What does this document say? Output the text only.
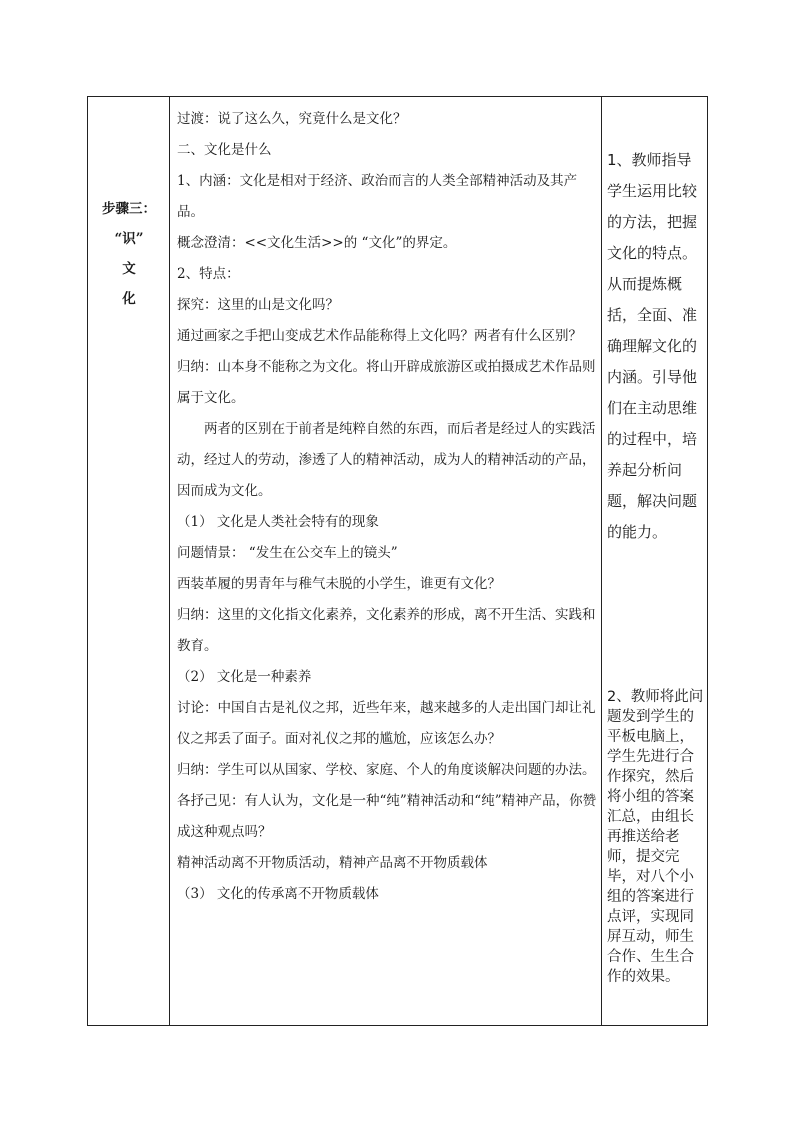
步骤三：
“识”
文
化

过渡：说了这么久，究竟什么是文化？

二、文化是什么

1、内涵：文化是相对于经济、政治而言的人类全部精神活动及其产品。

概念澄清：<<文化生活>>的 “文化”的界定。

2、特点：

探究：这里的山是文化吗？

通过画家之手把山变成艺术作品能称得上文化吗？两者有什么区别？

归纳：山本身不能称之为文化。将山开辟成旅游区或拍摄成艺术作品则属于文化。

两者的区别在于前者是纯粹自然的东西，而后者是经过人的实践活动，经过人的劳动，渗透了人的精神活动，成为人的精神活动的产品，因而成为文化。

（1） 文化是人类社会特有的现象

问题情景： “发生在公交车上的镜头”

西装革履的男青年与稚气未脱的小学生，谁更有文化？

归纳：这里的文化指文化素养，文化素养的形成，离不开生活、实践和教育。

（2） 文化是一种素养

讨论：中国自古是礼仪之邦，近些年来，越来越多的人走出国门却让礼仪之邦丢了面子。面对礼仪之邦的尴尬，应该怎么办？

归纳：学生可以从国家、学校、家庭、个人的角度谈解决问题的办法。

各抒己见：有人认为，文化是一种“纯”精神活动和“纯”精神产品，你赞成这种观点吗？

精神活动离不开物质活动，精神产品离不开物质载体

（3） 文化的传承离不开物质载体

1、教师指导学生运用比较的方法，把握文化的特点。从而提炼概括，全面、准确理解文化的内涵。引导他们在主动思维的过程中，培养起分析问题，解决问题的能力。
2、教师将此问题发到学生的平板电脑上，学生先进行合作探究，然后将小组的答案汇总，由组长再推送给老师，提交完毕，对八个小组的答案进行点评，实现同屏互动，师生合作、生生合作的效果。
